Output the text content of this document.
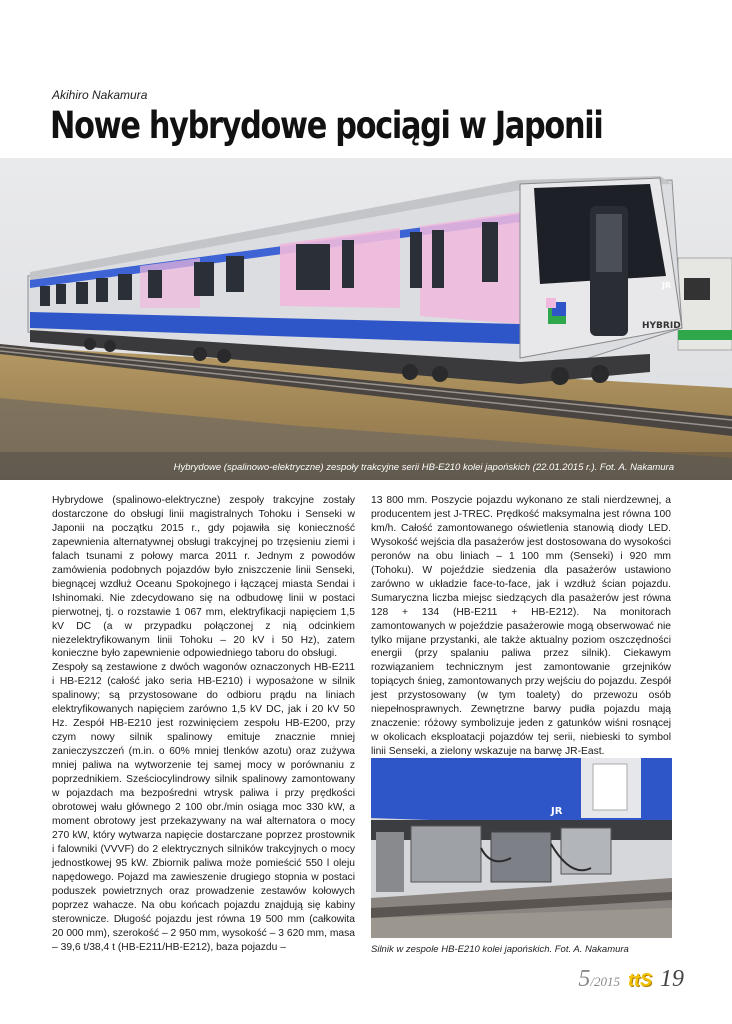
Akihiro Nakamura
Nowe hybrydowe pociągi w Japonii
HYBRID
JR
Hybrydowe (spalinowo-elektryczne) zespoły trakcyjne serii HB-E210 kolei japońskich (22.01.2015 r.). Fot. A. Nakamura

Hybrydowe (spalinowo-elektryczne) zespoły trakcyjne zostały dostarczone do obsługi linii magistralnych Tohoku i Senseki w Japonii na początku 2015 r., gdy pojawiła się konieczność zapewnienia alternatywnej obsługi trakcyjnej po trzęsieniu ziemi i falach tsunami z połowy marca 2011 r. Jednym z powodów zamówienia podobnych pojazdów było zniszczenie linii Senseki, biegnącej wzdłuż Oceanu Spokojnego i łączącej miasta Sendai i Ishinomaki. Nie zdecydowano się na odbudowę linii w postaci pierwotnej, tj. o rozstawie 1 067 mm, elektryfikacji napięciem 1,5 kV DC (a w przypadku połączonej z nią odcinkiem niezelektryfikowanym linii Tohoku – 20 kV i 50 Hz), zatem konieczne było zapewnienie odpowiedniego taboru do obsługi.

Zespoły są zestawione z dwóch wagonów oznaczonych HB-E211 i HB-E212 (całość jako seria HB-E210) i wyposażone w silnik spalinowy; są przystosowane do odbioru prądu na liniach elektryfikowanych napięciem zarówno 1,5 kV DC, jak i 20 kV 50 Hz. Zespół HB-E210 jest rozwinięciem zespołu HB-E200, przy czym nowy silnik spalinowy emituje znacznie mniej zanieczyszczeń (m.in. o 60% mniej tlenków azotu) oraz zużywa mniej paliwa na wytworzenie tej samej mocy w porównaniu z poprzednikiem. Sześciocylindrowy silnik spalinowy zamontowany w pojazdach ma bezpośredni wtrysk paliwa i przy prędkości obrotowej wału głównego 2 100 obr./min osiąga moc 330 kW, a moment obrotowy jest przekazywany na wał alternatora o mocy 270 kW, który wytwarza napięcie dostarczane poprzez prostownik i falowniki (VVVF) do 2 elektrycznych silników trakcyjnych o mocy jednostkowej 95 kW. Zbiornik paliwa może pomieścić 550 l oleju napędowego. Pojazd ma zawieszenie drugiego stopnia w postaci poduszek powietrznych oraz prowadzenie zestawów kołowych poprzez wahacze. Na obu końcach pojazdu znajdują się kabiny sterownicze. Długość pojazdu jest równa 19 500 mm (całkowita 20 000 mm), szerokość – 2 950 mm, wysokość – 3 620 mm, masa – 39,6 t/38,4 t (HB-E211/HB-E212), baza pojazdu –

13 800 mm. Poszycie pojazdu wykonano ze stali nierdzewnej, a producentem jest J-TREC. Prędkość maksymalna jest równa 100 km/h. Całość zamontowanego oświetlenia stanowią diody LED. Wysokość wejścia dla pasażerów jest dostosowana do wysokości peronów na obu liniach – 1 100 mm (Senseki) i 920 mm (Tohoku). W pojeździe siedzenia dla pasażerów ustawiono zarówno w układzie face-to-face, jak i wzdłuż ścian pojazdu. Sumaryczna liczba miejsc siedzących dla pasażerów jest równa 128 + 134 (HB-E211 + HB-E212). Na monitorach zamontowanych w pojeździe pasażerowie mogą obserwować nie tylko mijane przystanki, ale także aktualny poziom oszczędności energii (przy spalaniu paliwa przez silnik). Ciekawym rozwiązaniem technicznym jest zamontowanie grzejników topiących śnieg, zamontowanych przy wejściu do pojazdu. Zespół jest przystosowany (w tym toalety) do przewozu osób niepełnosprawnych. Zewnętrzne barwy pudła pojazdu mają znaczenie: różowy symbolizuje jeden z gatunków wiśni rosnącej w okolicach eksploatacji pojazdów tej serii, niebieski to symbol linii Senseki, a zielony wskazuje na barwę JR-East.

JR
Silnik w zespole HB-E210 kolei japońskich. Fot. A. Nakamura
5 /2015 ttS 19
